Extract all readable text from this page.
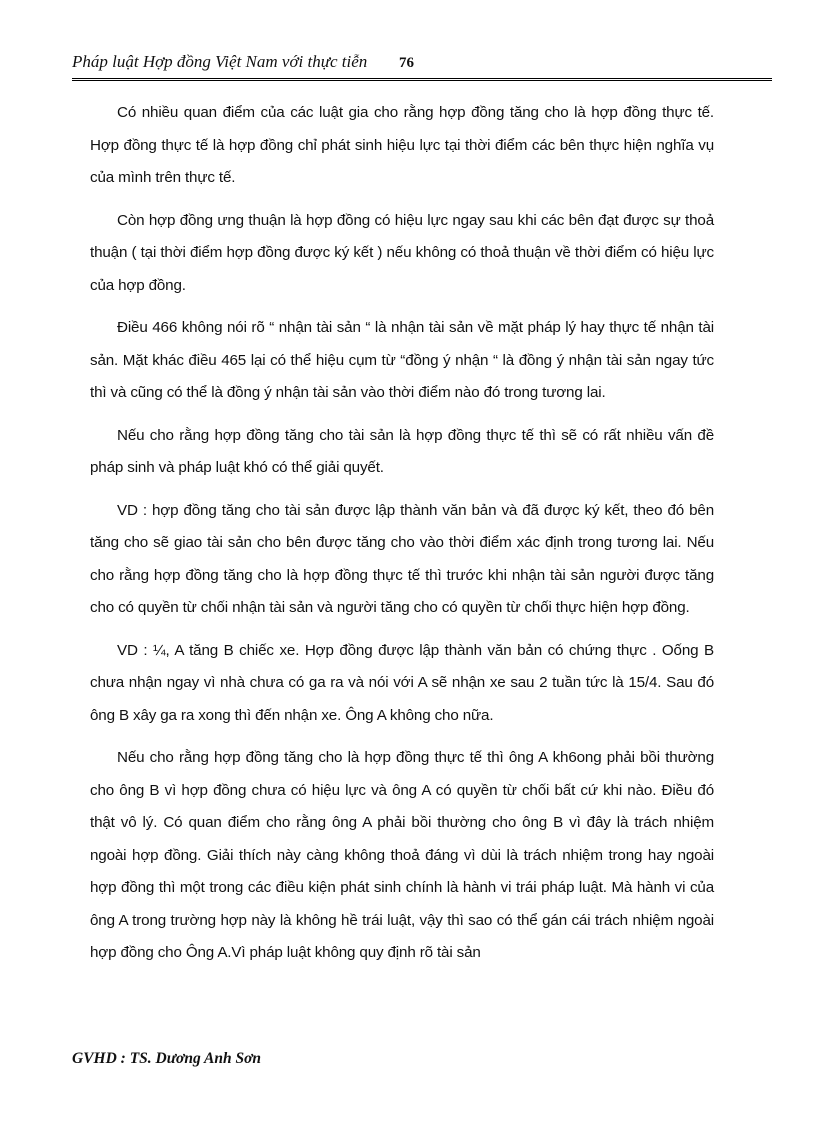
Pháp luật Hợp đồng Việt Nam với thực tiễn 76

Có nhiều quan điểm của các luật gia cho rằng hợp đồng tăng cho là hợp đồng thực tế. Hợp đồng thực tế là hợp đồng chỉ phát sinh hiệu lực tại thời điểm các bên thực hiện nghĩa vụ của mình trên thực tế.

Còn hợp đồng ưng thuận là hợp đồng có hiệu lực ngay sau khi các bên đạt được sự thoả thuận ( tại thời điểm hợp đồng được ký kết ) nếu không có thoả thuận về thời điểm có hiệu lực của hợp đồng.

Điều 466 không nói rõ “ nhận tài sản “ là nhận tài sản về mặt pháp lý hay thực tế nhận tài sản. Mặt khác điều 465 lại có thể hiệu cụm từ “đồng ý nhận “ là đồng ý nhận tài sản ngay tức thì và cũng có thể là đồng ý nhận tài sản vào thời điểm nào đó trong tương lai.

Nếu cho rằng hợp đồng tăng cho tài sản là hợp đồng thực tế thì sẽ có rất nhiều vấn đề pháp sinh và pháp luật khó có thể giải quyết.

VD : hợp đồng tăng cho tài sản được lập thành văn bản và đã được ký kết, theo đó bên tăng cho sẽ giao tài sản cho bên được tăng cho vào thời điểm xác định trong tương lai. Nếu cho rằng hợp đồng tăng cho là hợp đồng thực tế thì trước khi nhận tài sản người được tăng cho có quyền từ chối nhận tài sản và người tăng cho có quyền từ chối thực hiện hợp đồng.

VD : ¼, A tăng B chiếc xe. Hợp đồng được lập thành văn bản có chứng thực . Oống B chưa nhận ngay vì nhà chưa có ga ra và nói với A sẽ nhận xe sau 2 tuần tức là 15/4. Sau đó ông B xây ga ra xong thì đến nhận xe. Ông A không cho nữa.

Nếu cho rằng hợp đồng tăng cho là hợp đồng thực tế thì ông A kh6ong phải bồi thường cho ông B vì hợp đồng chưa có hiệu lực và ông A có quyền từ chối bất cứ khi nào. Điều đó thật vô lý. Có quan điểm cho rằng ông A phải bồi thường cho ông B vì đây là trách nhiệm ngoài hợp đồng. Giải thích này càng không thoả đáng vì dùi là trách nhiệm trong hay ngoài hợp đồng thì một trong các điều kiện phát sinh chính là hành vi trái pháp luật. Mà hành vi của ông A trong trường hợp này là không hề trái luật, vậy thì sao có thể gán cái trách nhiệm ngoài hợp đồng cho Ông A.Vì pháp luật không quy định rõ tài sản

GVHD : TS. Dương Anh Sơn
